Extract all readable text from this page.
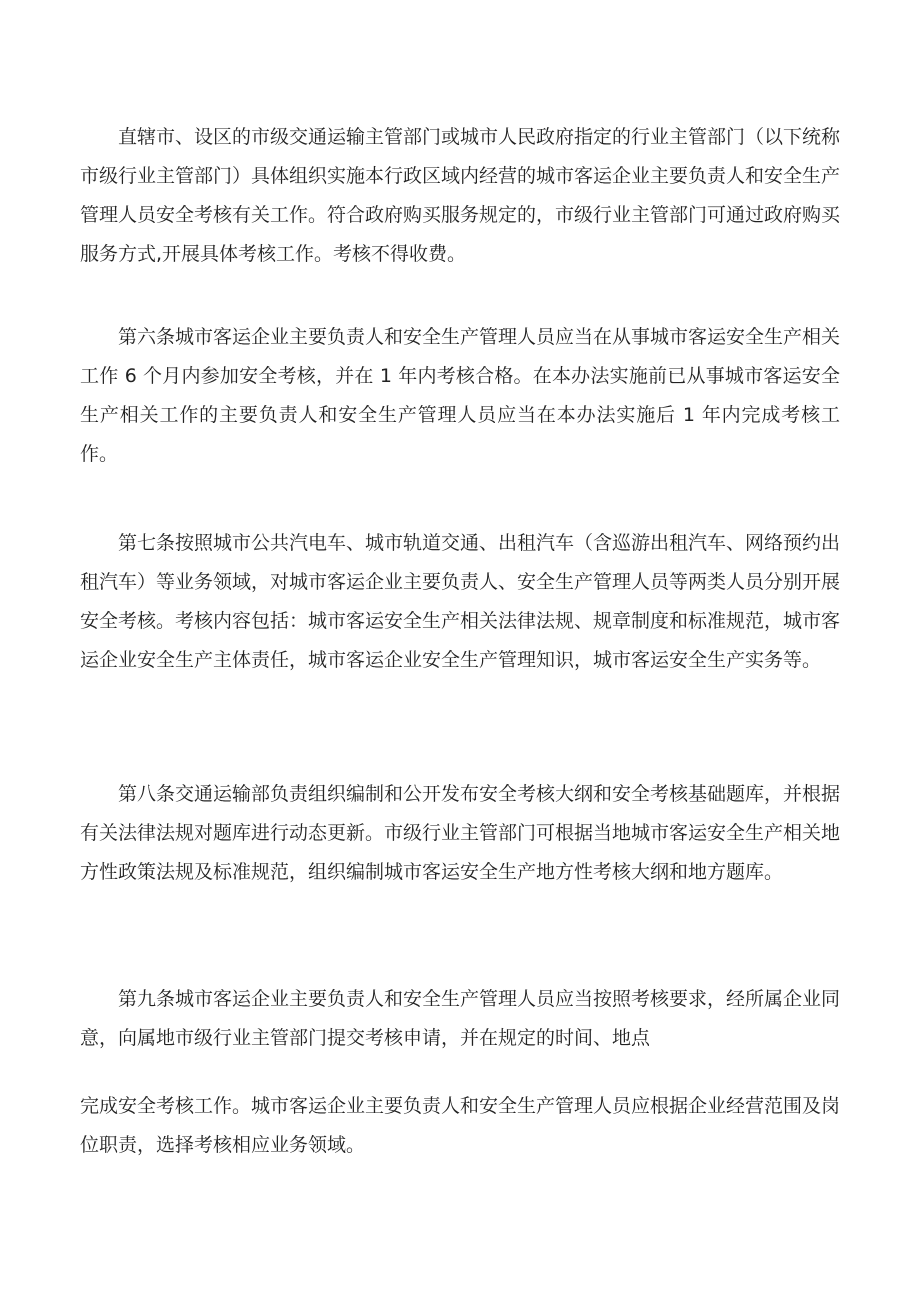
直辖市、设区的市级交通运输主管部门或城市人民政府指定的行业主管部门（以下统称市级行业主管部门）具体组织实施本行政区域内经营的城市客运企业主要负责人和安全生产管理人员安全考核有关工作。符合政府购买服务规定的，市级行业主管部门可通过政府购买服务方式,开展具体考核工作。考核不得收费。

第六条城市客运企业主要负责人和安全生产管理人员应当在从事城市客运安全生产相关工作 6 个月内参加安全考核，并在 1 年内考核合格。在本办法实施前已从事城市客运安全生产相关工作的主要负责人和安全生产管理人员应当在本办法实施后 1 年内完成考核工作。

第七条按照城市公共汽电车、城市轨道交通、出租汽车（含巡游出租汽车、网络预约出租汽车）等业务领域，对城市客运企业主要负责人、安全生产管理人员等两类人员分别开展安全考核。考核内容包括：城市客运安全生产相关法律法规、规章制度和标准规范，城市客运企业安全生产主体责任，城市客运企业安全生产管理知识，城市客运安全生产实务等。

第八条交通运输部负责组织编制和公开发布安全考核大纲和安全考核基础题库，并根据有关法律法规对题库进行动态更新。市级行业主管部门可根据当地城市客运安全生产相关地方性政策法规及标准规范，组织编制城市客运安全生产地方性考核大纲和地方题库。

第九条城市客运企业主要负责人和安全生产管理人员应当按照考核要求，经所属企业同意，向属地市级行业主管部门提交考核申请，并在规定的时间、地点

完成安全考核工作。城市客运企业主要负责人和安全生产管理人员应根据企业经营范围及岗位职责，选择考核相应业务领域。
